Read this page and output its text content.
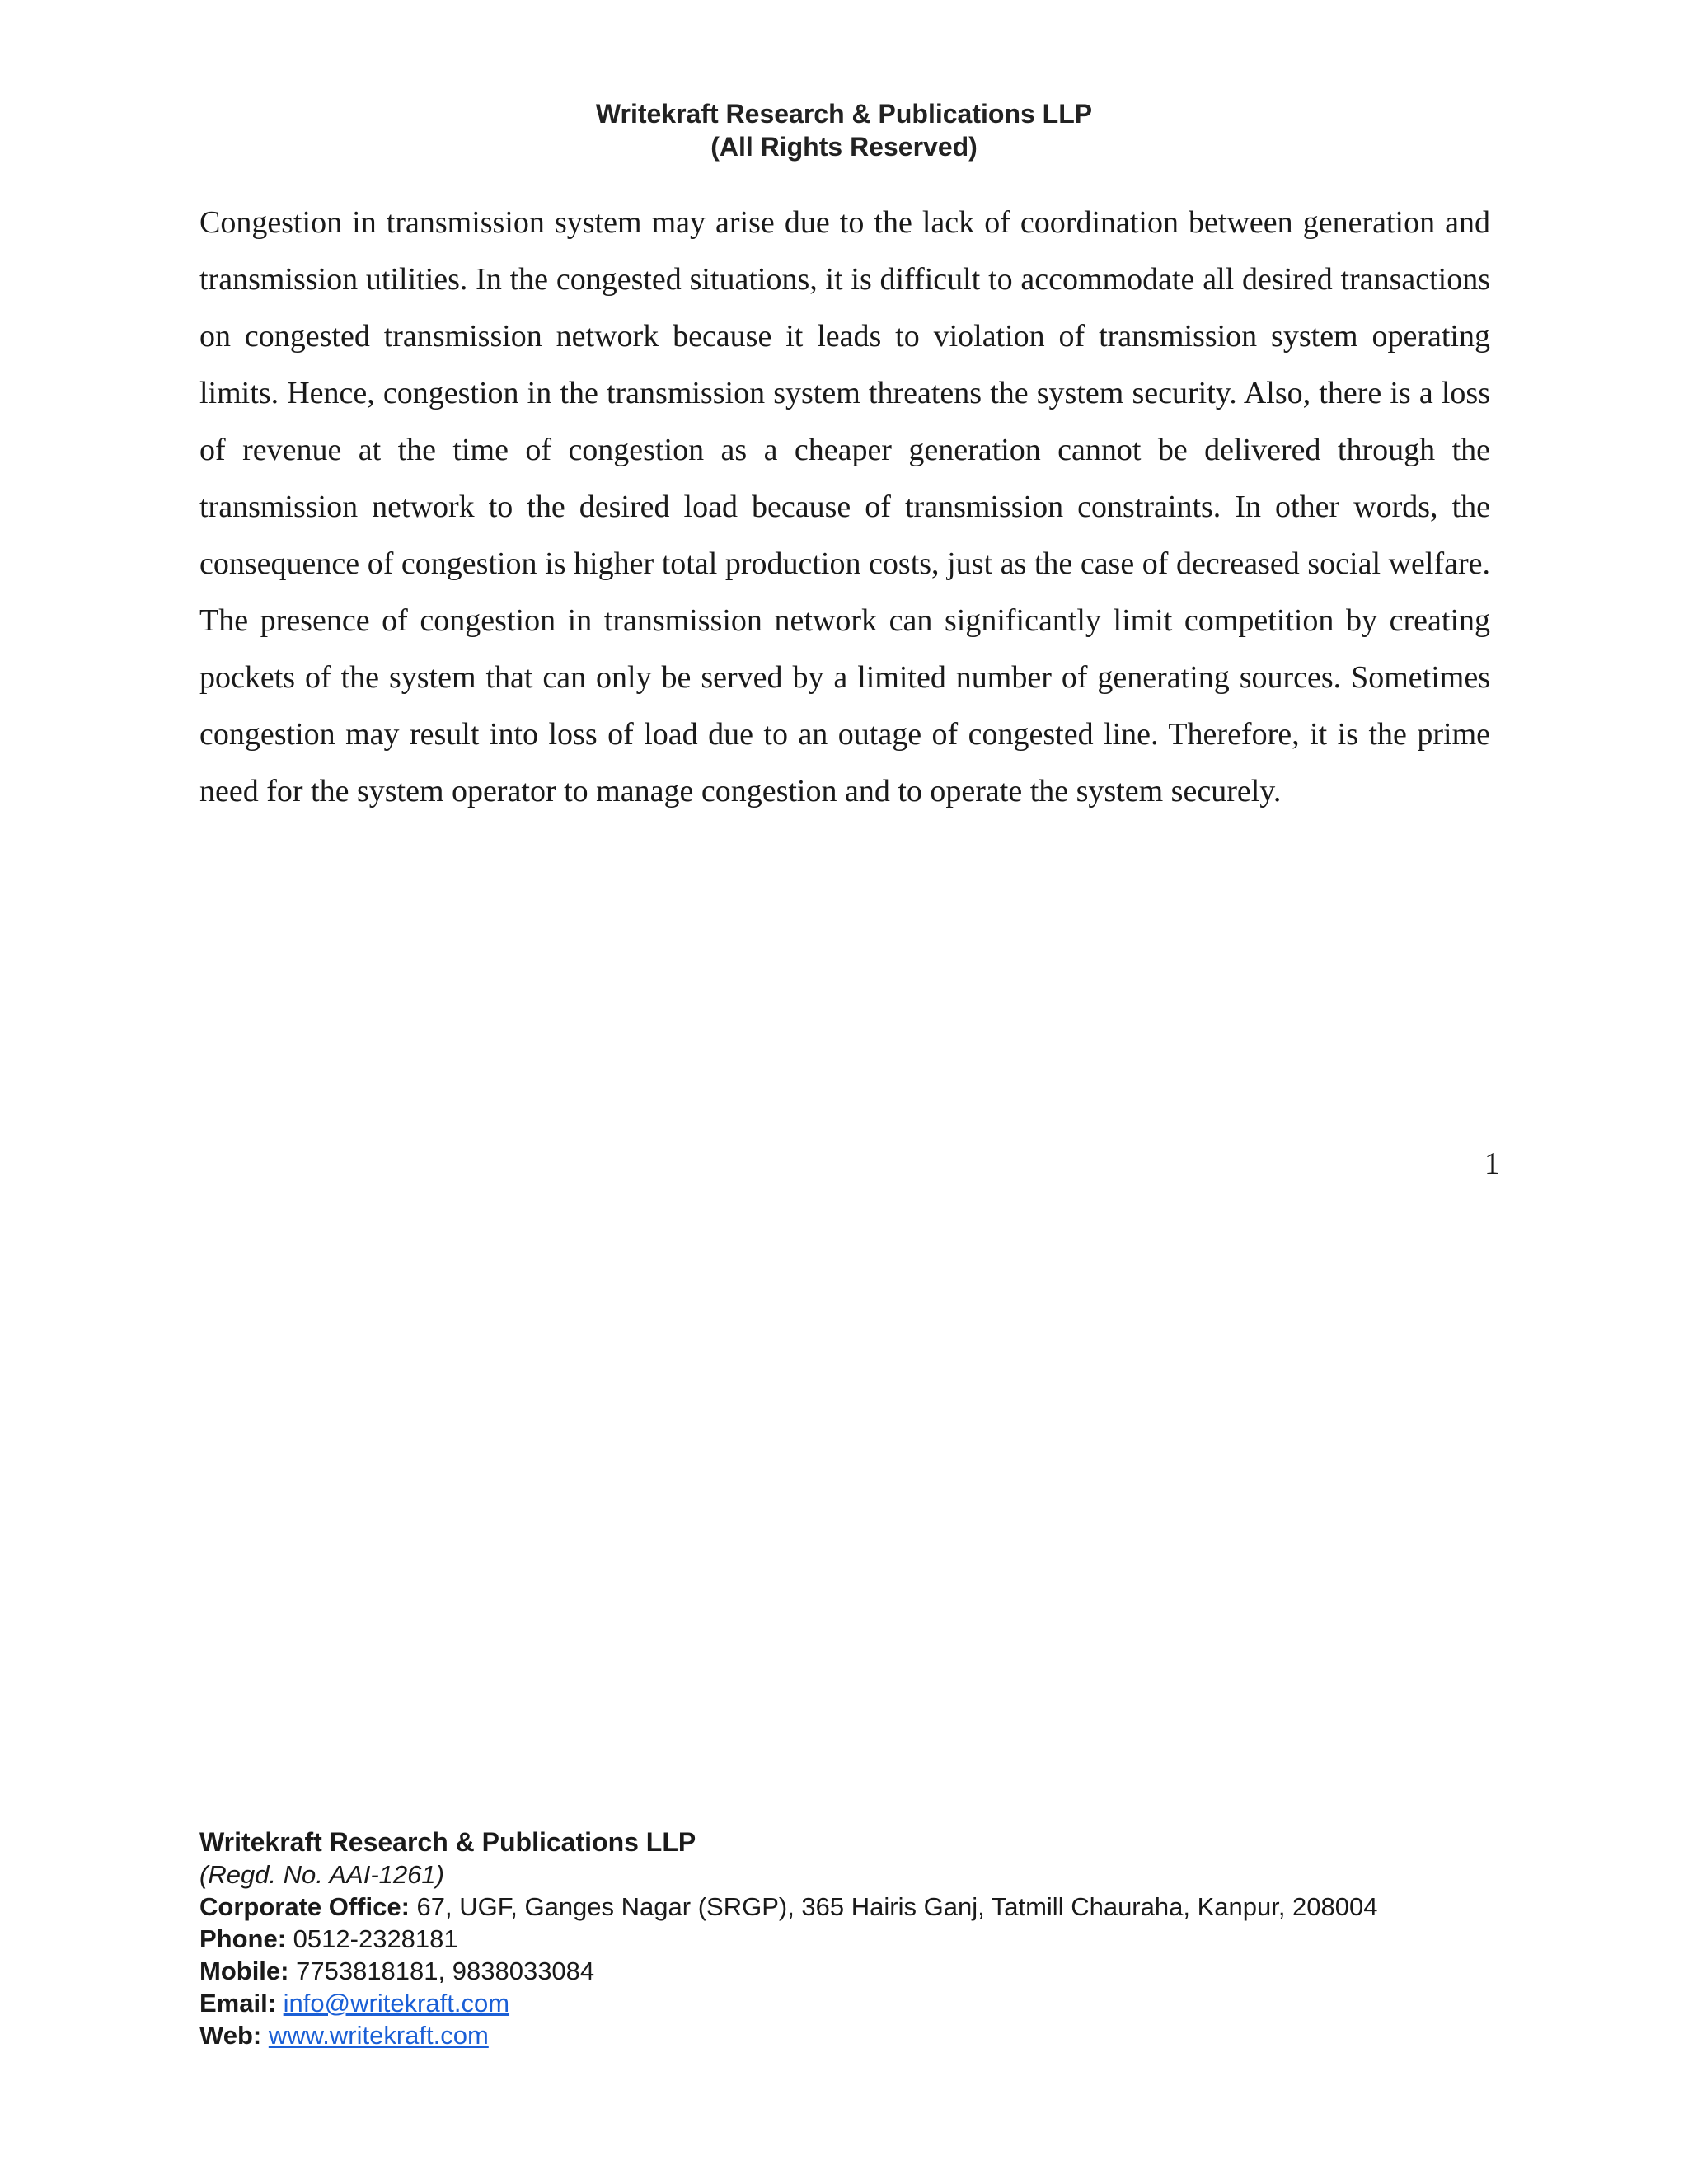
Writekraft Research & Publications LLP
(All Rights Reserved)

Congestion in transmission system may arise due to the lack of coordination between generation and transmission utilities. In the congested situations, it is difficult to accommodate all desired transactions on congested transmission network because it leads to violation of transmission system operating limits. Hence, congestion in the transmission system threatens the system security. Also, there is a loss of revenue at the time of congestion as a cheaper generation cannot be delivered through the transmission network to the desired load because of transmission constraints. In other words, the consequence of congestion is higher total production costs, just as the case of decreased social welfare. The presence of congestion in transmission network can significantly limit competition by creating pockets of the system that can only be served by a limited number of generating sources. Sometimes congestion may result into loss of load due to an outage of congested line. Therefore, it is the prime need for the system operator to manage congestion and to operate the system securely.

1
Writekraft Research & Publications LLP
(Regd. No. AAI-1261)
Corporate Office: 67, UGF, Ganges Nagar (SRGP), 365 Hairis Ganj, Tatmill Chauraha, Kanpur, 208004
Phone: 0512-2328181
Mobile: 7753818181, 9838033084
Email: info@writekraft.com
Web: www.writekraft.com
